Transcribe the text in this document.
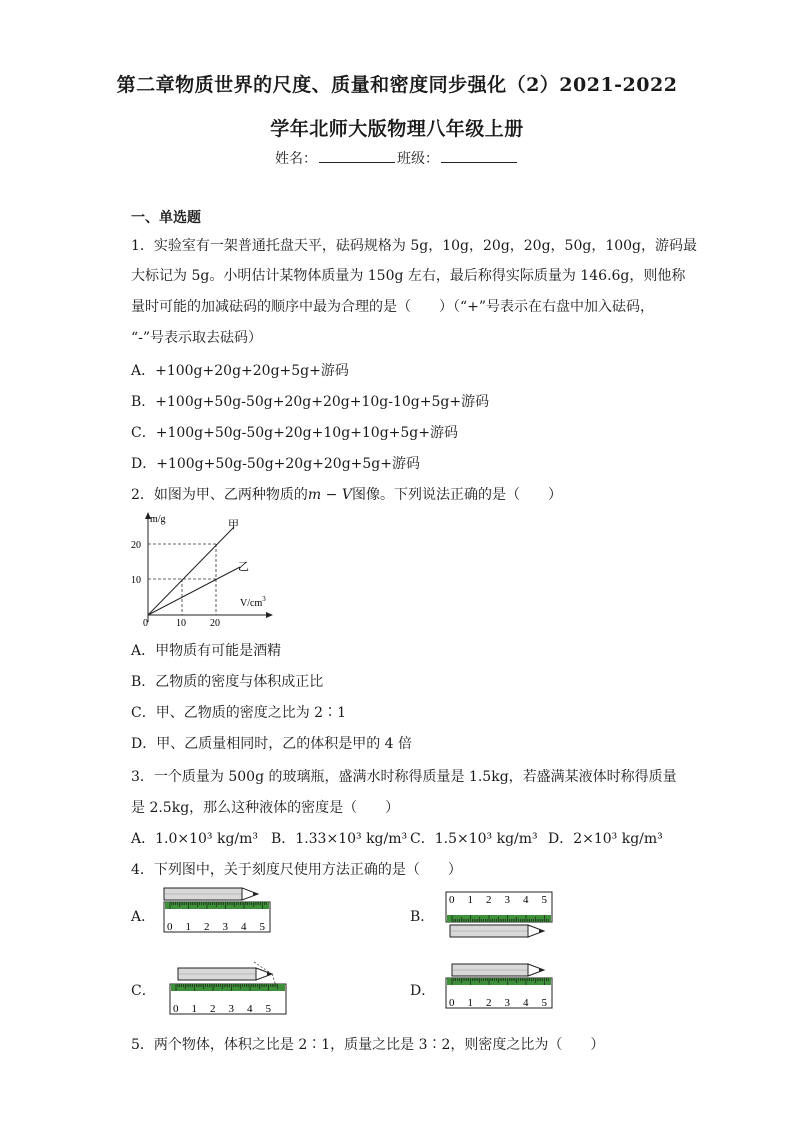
第二章物质世界的尺度、质量和密度同步强化（2）2021-2022
学年北师大版物理八年级上册
姓名：	班级：
一、单选题
1．实验室有一架普通托盘天平，砝码规格为 5g，10g，20g，20g，50g，100g，游码最
大标记为 5g。小明估计某物体质量为 150g 左右，最后称得实际质量为 146.6g，则他称
量时可能的加减砝码的顺序中最为合理的是（　　）（“+”号表示在右盘中加入砝码，
“-”号表示取去砝码）
A．+100g+20g+20g+5g+游码
B．+100g+50g-50g+20g+20g+10g-10g+5g+游码
C．+100g+50g-50g+20g+10g+10g+5g+游码
D．+100g+50g-50g+20g+20g+5g+游码
2．如图为甲、乙两种物质的m − V图像。下列说法正确的是（　　）
m/g
$V/cm^3$
甲
乙
20
10
0	10 20
A．甲物质有可能是酒精
B．乙物质的密度与体积成正比
C．甲、乙物质的密度之比为 2∶1
D．甲、乙质量相同时，乙的体积是甲的 4 倍
3．一个质量为 500g 的玻璃瓶，盛满水时称得质量是 1.5kg，若盛满某液体时称得质量
是 2.5kg，那么这种液体的密度是（　　）
A．1.0×10³ kg/m³ B．1.33×10³ kg/m³ C．1.5×10³ kg/m³ D．2×10³ kg/m³
4．下列图中，关于刻度尺使用方法正确的是（　　）
A．	B．
C．	D．
0 1 2 3 4 5
0 1 2 3 4 5
0 1 2 3 4 5	0 1 2 3 4 5
5．两个物体，体积之比是 2∶1，质量之比是 3∶2，则密度之比为（　　）
